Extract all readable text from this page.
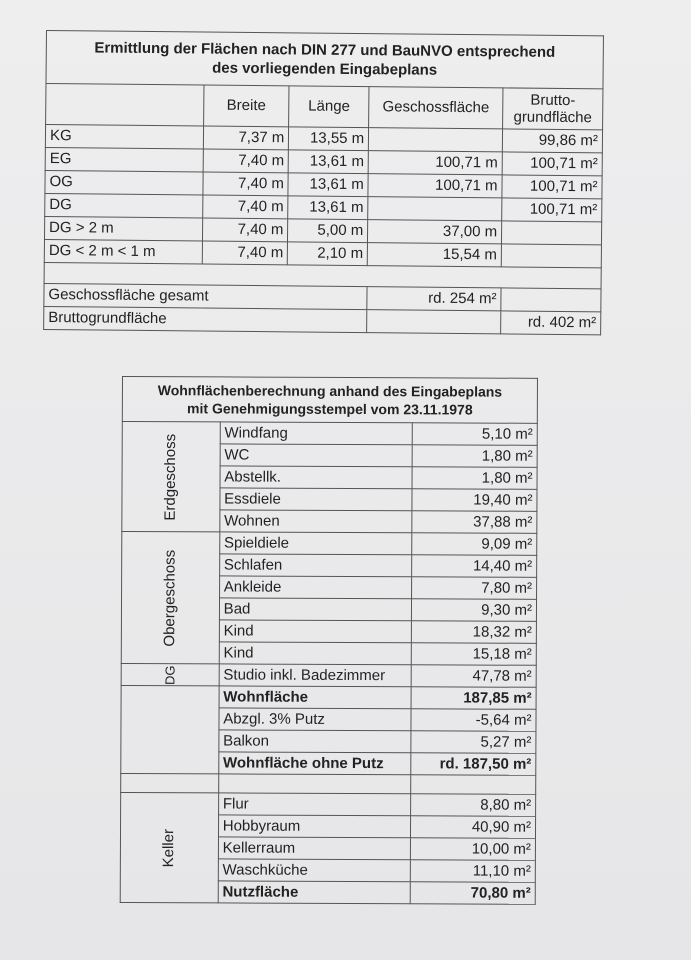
Ermittlung der Flächen nach DIN 277 und BauNVO entsprechend
des vorliegenden Eingabeplans				

	Breite	Länge	Geschossfläche	Brutto-
grundfläche

KG	7,37 m	13,55 m		99,86 m²
EG	7,40 m	13,61 m	100,71 m	100,71 m²
OG	7,40 m	13,61 m	100,71 m	100,71 m²
DG	7,40 m	13,61 m		100,71 m²
DG > 2 m	7,40 m	5,00 m	37,00 m	
DG < 2 m < 1 m	7,40 m	2,10 m	15,54 m	

Geschossfläche gesamt			rd. 254 m²	
Bruttogrundfläche				rd. 402 m²
Wohnflächenberechnung anhand des Eingabeplans
mit Genehmigungsstempel vom 23.11.1978		

Erdgeschoss	Windfang	5,10 m²
	WC	1,80 m²
	Abstellk.	1,80 m²
	Essdiele	19,40 m²
	Wohnen	37,88 m²
Obergeschoss	Spieldiele	9,09 m²
	Schlafen	14,40 m²
	Ankleide	7,80 m²
	Bad	9,30 m²
	Kind	18,32 m²
	Kind	15,18 m²
DG	Studio inkl. Badezimmer	47,78 m²
	Wohnfläche	187,85 m²
	Abzgl. 3% Putz	-5,64 m²
	Balkon	5,27 m²
	Wohnfläche ohne Putz	rd. 187,50 m²

Keller	Flur	8,80 m²
	Hobbyraum	40,90 m²
	Kellerraum	10,00 m²
	Waschküche	11,10 m²
	Nutzfläche	70,80 m²
